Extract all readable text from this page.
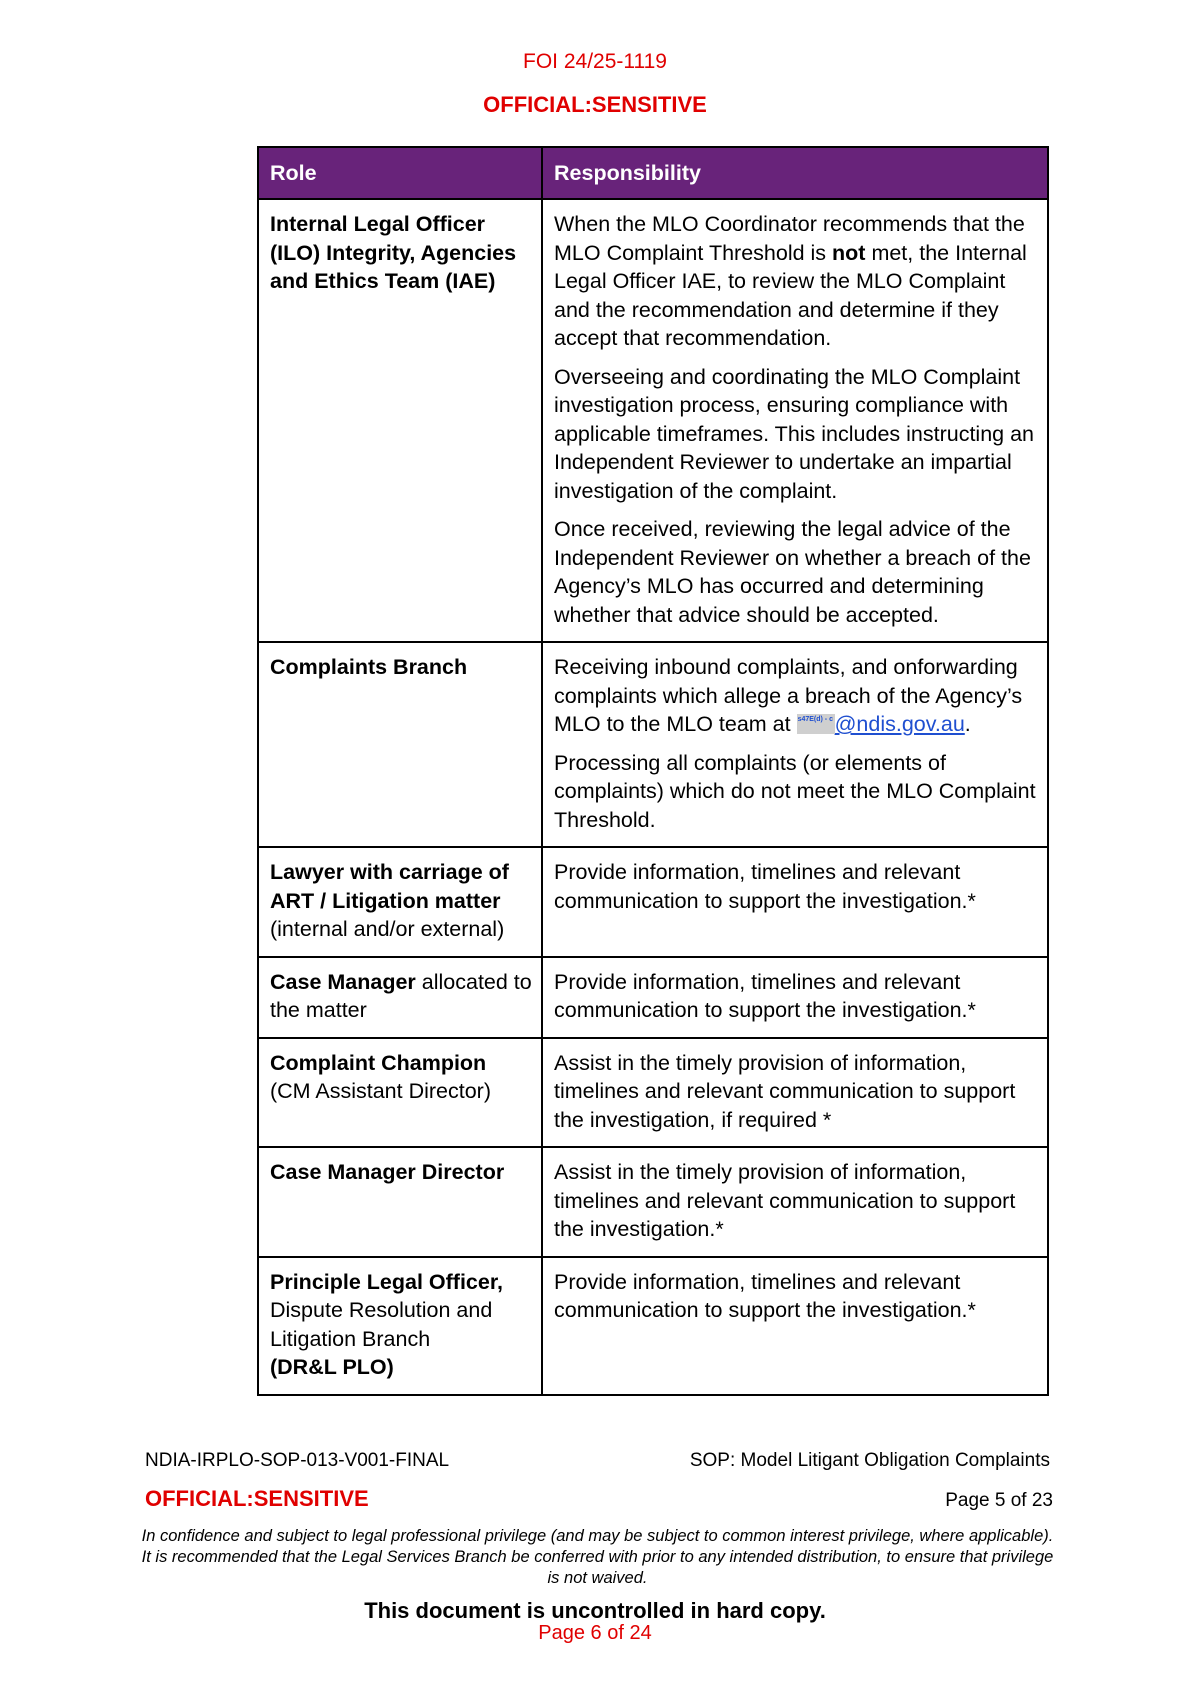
FOI 24/25-1119
OFFICIAL:SENSITIVE
Role	Responsibility
Internal Legal Officer (ILO) Integrity, Agencies and Ethics Team (IAE)	When the MLO Coordinator recommends that the MLO Complaint Threshold is not met, the Internal Legal Officer IAE, to review the MLO Complaint and the recommendation and determine if they accept that recommendation.

Overseeing and coordinating the MLO Complaint investigation process, ensuring compliance with applicable timeframes. This includes instructing an Independent Reviewer to undertake an impartial investigation of the complaint.

Once received, reviewing the legal advice of the Independent Reviewer on whether a breach of the Agency’s MLO has occurred and determining whether that advice should be accepted.

Complaints Branch	Receiving inbound complaints, and onforwarding complaints which allege a breach of the Agency’s MLO to the MLO team at s47E(d) - c @ndis.gov.au.

Processing all complaints (or elements of complaints) which do not meet the MLO Complaint Threshold.

Lawyer with carriage of ART / Litigation matter
(internal and/or external)	Provide information, timelines and relevant communication to support the investigation.*

Case Manager allocated to the matter	Provide information, timelines and relevant communication to support the investigation.*

Complaint Champion
(CM Assistant Director)	Assist in the timely provision of information, timelines and relevant communication to support the investigation, if required *

Case Manager Director	Assist in the timely provision of information, timelines and relevant communication to support the investigation.*

Principle Legal Officer,
Dispute Resolution and Litigation Branch
(DR&L PLO)	Provide information, timelines and relevant communication to support the investigation.*

NDIA-IRPLO-SOP-013-V001-FINAL	SOP: Model Litigant Obligation Complaints
OFFICIAL:SENSITIVE	Page 5 of 23
In confidence and subject to legal professional privilege (and may be subject to common interest privilege, where applicable). It is recommended that the Legal Services Branch be conferred with prior to any intended distribution, to ensure that privilege is not waived.
This document is uncontrolled in hard copy.
Page 6 of 24
